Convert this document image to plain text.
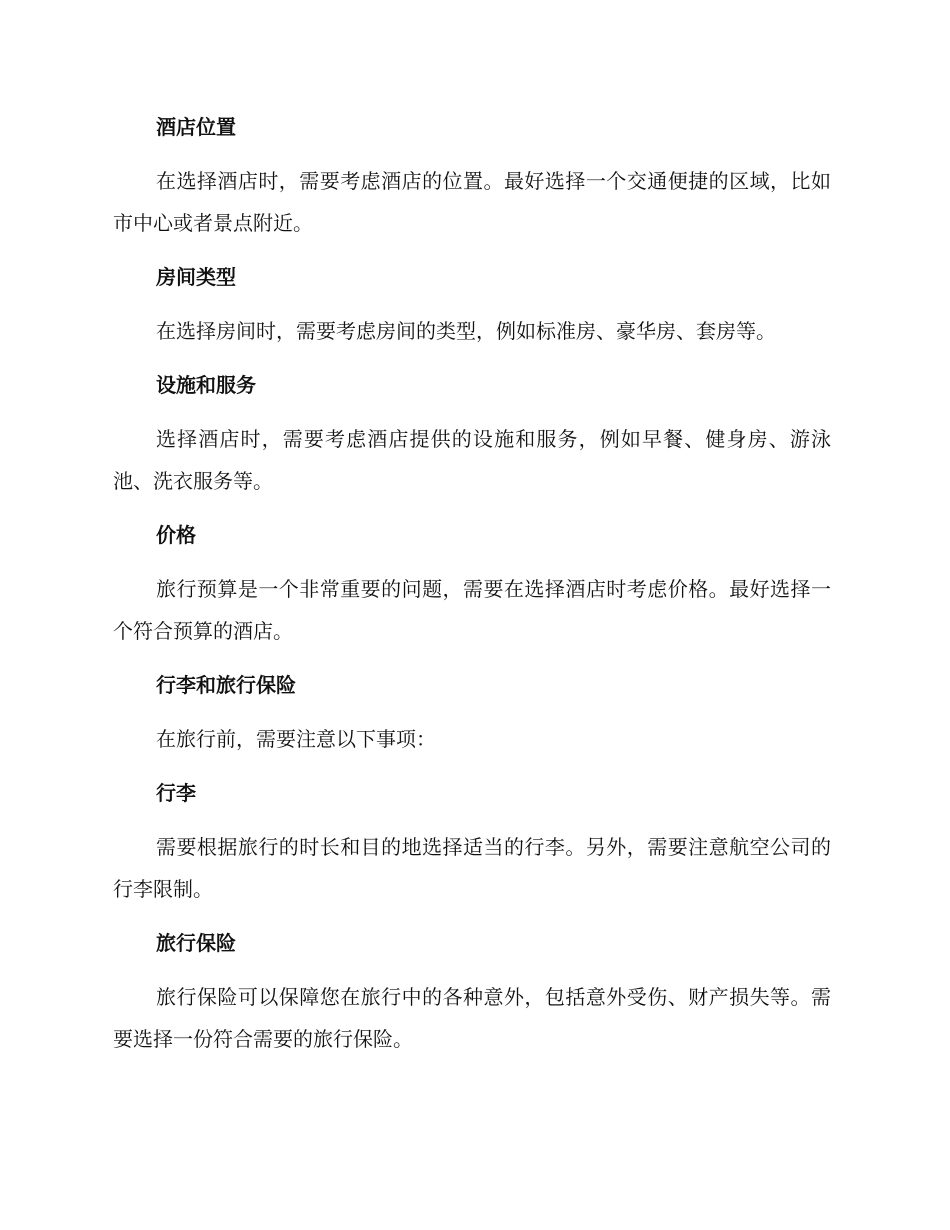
酒店位置
在选择酒店时，需要考虑酒店的位置。最好选择一个交通便捷的区域，比如市中心或者景点附近。
房间类型
在选择房间时，需要考虑房间的类型，例如标准房、豪华房、套房等。
设施和服务
选择酒店时，需要考虑酒店提供的设施和服务，例如早餐、健身房、游泳池、洗衣服务等。
价格
旅行预算是一个非常重要的问题，需要在选择酒店时考虑价格。最好选择一个符合预算的酒店。
行李和旅行保险
在旅行前，需要注意以下事项：
行李
需要根据旅行的时长和目的地选择适当的行李。另外，需要注意航空公司的行李限制。
旅行保险
旅行保险可以保障您在旅行中的各种意外，包括意外受伤、财产损失等。需要选择一份符合需要的旅行保险。
